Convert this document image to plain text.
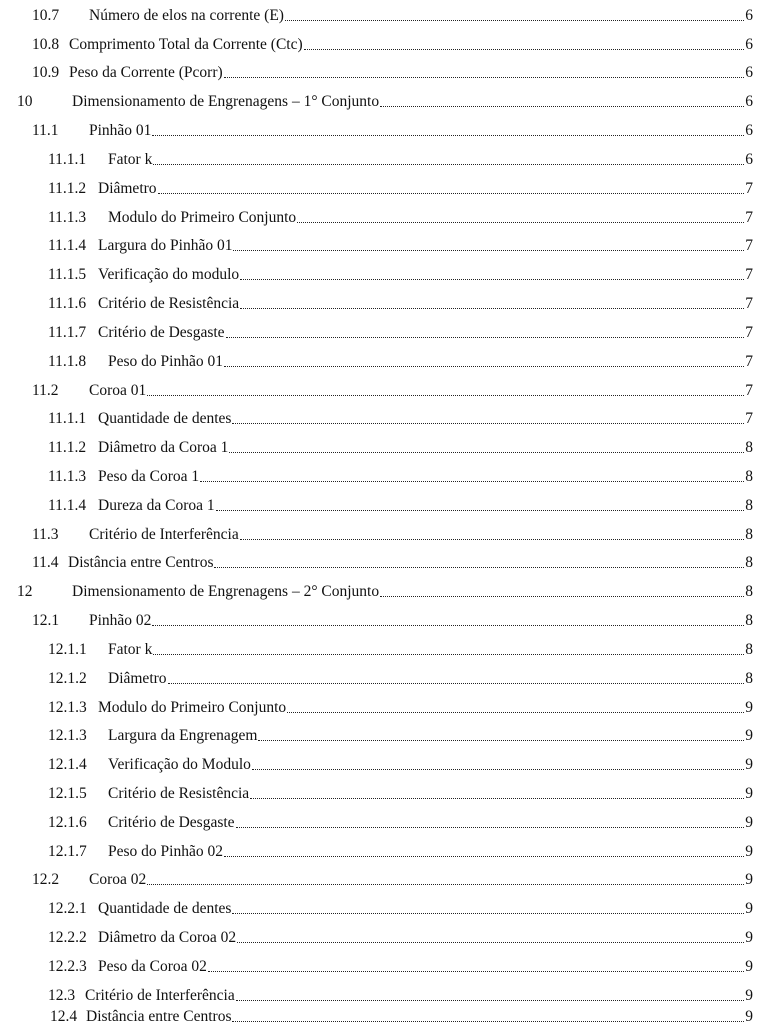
10.7	Número de elos na corrente (E)	6
10.8 Comprimento Total da Corrente (Ctc)	6
10.9 Peso da Corrente (Pcorr)	6
10	Dimensionamento de Engrenagens – 1° Conjunto	6
11.1	Pinhão 01	6
11.1.1	Fator k	6
11.1.2 Diâmetro	7
11.1.3	Modulo do Primeiro Conjunto	7
11.1.4 Largura do Pinhão 01	7
11.1.5 Verificação do modulo	7
11.1.6 Critério de Resistência	7
11.1.7 Critério de Desgaste	7
11.1.8	Peso do Pinhão 01	7
11.2	Coroa 01	7
11.1.1 Quantidade de dentes	7
11.1.2 Diâmetro da Coroa 1	8
11.1.3 Peso da Coroa 1	8
11.1.4 Dureza da Coroa 1	8
11.3	Critério de Interferência	8
11.4 Distância entre Centros	8
12	Dimensionamento de Engrenagens – 2° Conjunto	8
12.1	Pinhão 02	8
12.1.1	Fator k	8
12.1.2	Diâmetro	8
12.1.3 Modulo do Primeiro Conjunto	9
12.1.3	Largura da Engrenagem	9
12.1.4	Verificação do Modulo	9
12.1.5	Critério de Resistência	9
12.1.6	Critério de Desgaste	9
12.1.7	Peso do Pinhão 02	9
12.2	Coroa 02	9
12.2.1 Quantidade de dentes	9
12.2.2 Diâmetro da Coroa 02	9
12.2.3 Peso da Coroa 02	9
12.3 Critério de Interferência	9
12.4 Distância entre Centros	9
